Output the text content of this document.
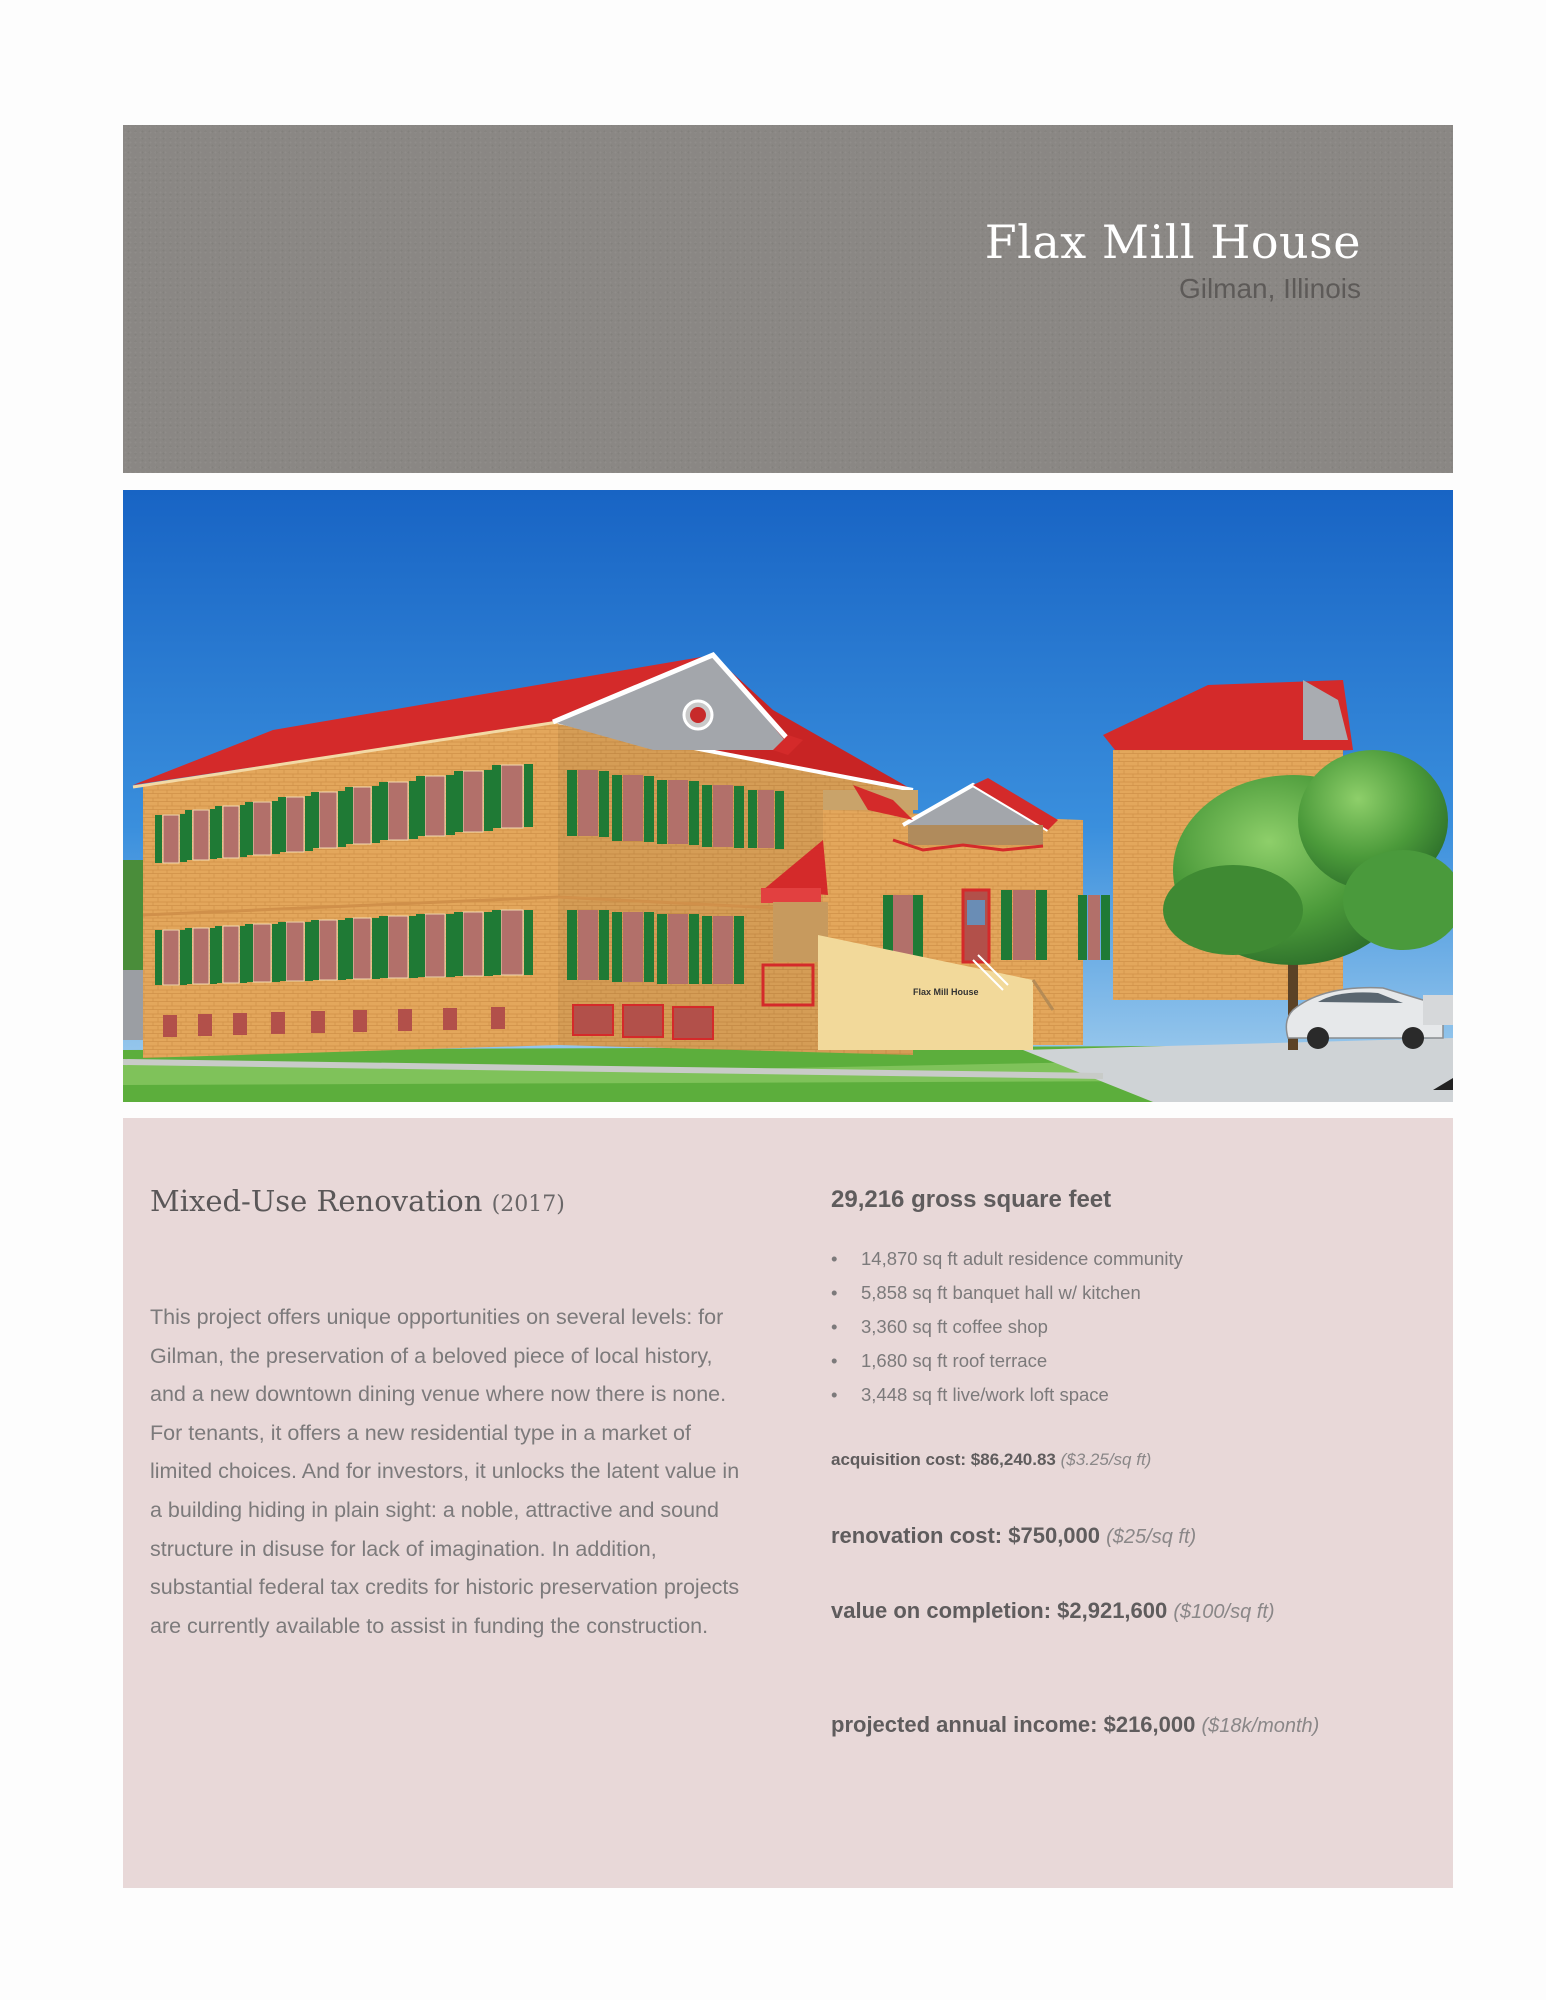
Flax Mill House
Gilman, Illinois
Flax Mill House
Mixed-Use Renovation (2017)

This project offers unique opportunities on several levels: for Gilman, the preservation of a beloved piece of local history, and a new downtown dining venue where now there is none. For tenants, it offers a new residential type in a market of limited choices. And for investors, it unlocks the latent value in a building hiding in plain sight: a noble, attractive and sound structure in disuse for lack of imagination. In addition, substantial federal tax credits for historic preservation projects are currently available to assist in funding the construction.

29,216 gross square feet
• 14,870 sq ft adult residence community
• 5,858 sq ft banquet hall w/ kitchen
• 3,360 sq ft coffee shop
• 1,680 sq ft roof terrace
• 3,448 sq ft live/work loft space
acquisition cost: $86,240.83 ($3.25/sq ft)
renovation cost: $750,000 ($25/sq ft)
value on completion: $2,921,600 ($100/sq ft)
projected annual income: $216,000 ($18k/month)
